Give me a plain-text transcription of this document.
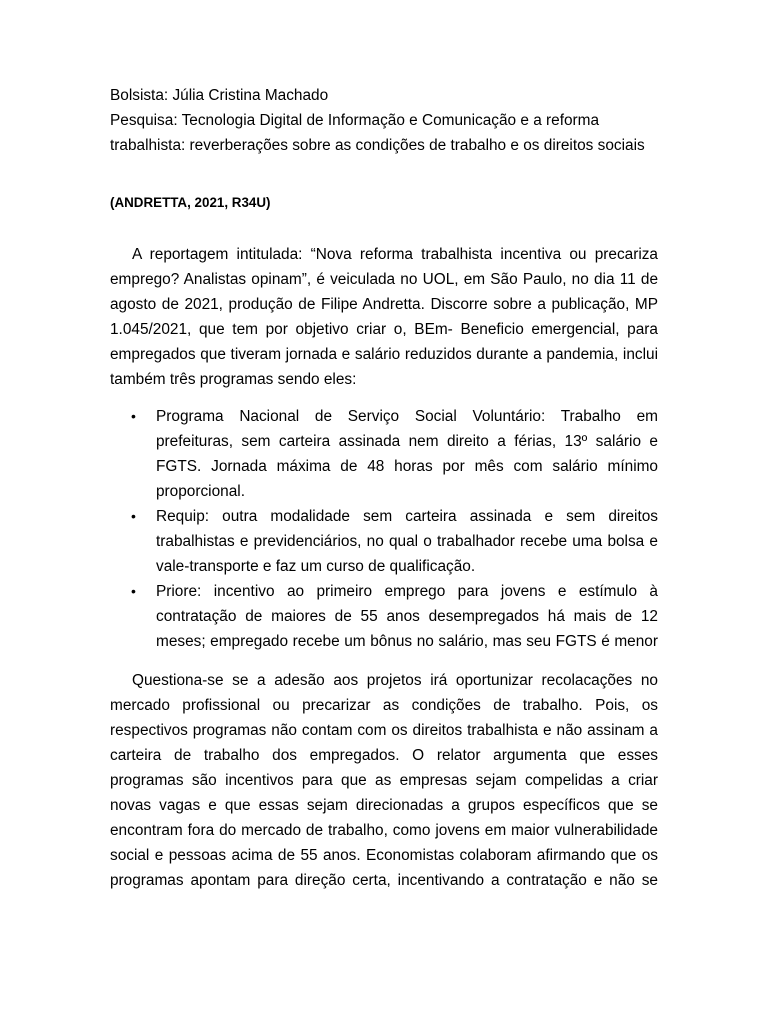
Bolsista: Júlia Cristina Machado

Pesquisa: Tecnologia Digital de Informação e Comunicação e a reforma trabalhista: reverberações sobre as condições de trabalho e os direitos sociais

(ANDRETTA, 2021, R34U)

A reportagem intitulada: “Nova reforma trabalhista incentiva ou precariza emprego? Analistas opinam”, é veiculada no UOL, em São Paulo, no dia 11 de agosto de 2021, produção de Filipe Andretta. Discorre sobre a publicação, MP 1.045/2021, que tem por objetivo criar o, BEm- Beneficio emergencial, para empregados que tiveram jornada e salário reduzidos durante a pandemia, inclui também três programas sendo eles:

• Programa Nacional de Serviço Social Voluntário: Trabalho em prefeituras, sem carteira assinada nem direito a férias, 13º salário e FGTS. Jornada máxima de 48 horas por mês com salário mínimo proporcional.
• Requip: outra modalidade sem carteira assinada e sem direitos trabalhistas e previdenciários, no qual o trabalhador recebe uma bolsa e vale-transporte e faz um curso de qualificação.
• Priore: incentivo ao primeiro emprego para jovens e estímulo à contratação de maiores de 55 anos desempregados há mais de 12 meses; empregado recebe um bônus no salário, mas seu FGTS é menor

Questiona-se se a adesão aos projetos irá oportunizar recolacações no mercado profissional ou precarizar as condições de trabalho. Pois, os respectivos programas não contam com os direitos trabalhista e não assinam a carteira de trabalho dos empregados. O relator argumenta que esses programas são incentivos para que as empresas sejam compelidas a criar novas vagas e que essas sejam direcionadas a grupos específicos que se encontram fora do mercado de trabalho, como jovens em maior vulnerabilidade social e pessoas acima de 55 anos. Economistas colaboram afirmando que os programas apontam para direção certa, incentivando a contratação e não se
